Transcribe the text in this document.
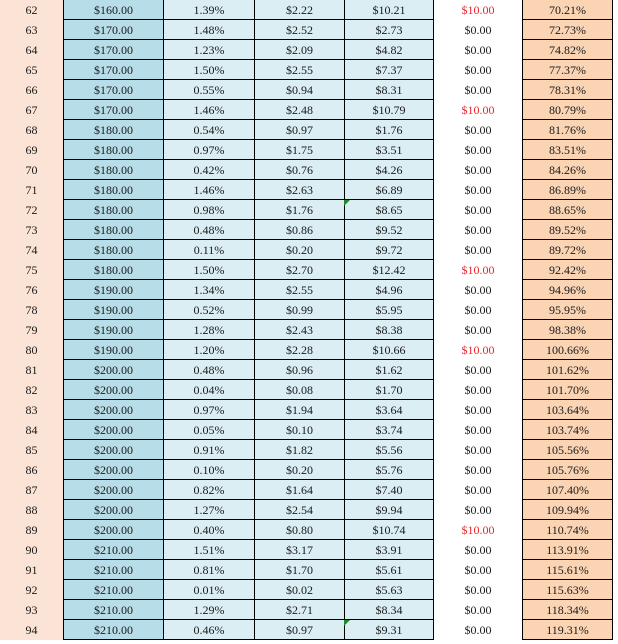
62	$160.00	1.39%	$2.22	$10.21	$10.00	70.21%
63	$170.00	1.48%	$2.52	$2.73	$0.00	72.73%
64	$170.00	1.23%	$2.09	$4.82	$0.00	74.82%
65	$170.00	1.50%	$2.55	$7.37	$0.00	77.37%
66	$170.00	0.55%	$0.94	$8.31	$0.00	78.31%
67	$170.00	1.46%	$2.48	$10.79	$10.00	80.79%
68	$180.00	0.54%	$0.97	$1.76	$0.00	81.76%
69	$180.00	0.97%	$1.75	$3.51	$0.00	83.51%
70	$180.00	0.42%	$0.76	$4.26	$0.00	84.26%
71	$180.00	1.46%	$2.63	$6.89	$0.00	86.89%
72	$180.00	0.98%	$1.76	$8.65	$0.00	88.65%
73	$180.00	0.48%	$0.86	$9.52	$0.00	89.52%
74	$180.00	0.11%	$0.20	$9.72	$0.00	89.72%
75	$180.00	1.50%	$2.70	$12.42	$10.00	92.42%
76	$190.00	1.34%	$2.55	$4.96	$0.00	94.96%
78	$190.00	0.52%	$0.99	$5.95	$0.00	95.95%
79	$190.00	1.28%	$2.43	$8.38	$0.00	98.38%
80	$190.00	1.20%	$2.28	$10.66	$10.00	100.66%
81	$200.00	0.48%	$0.96	$1.62	$0.00	101.62%
82	$200.00	0.04%	$0.08	$1.70	$0.00	101.70%
83	$200.00	0.97%	$1.94	$3.64	$0.00	103.64%
84	$200.00	0.05%	$0.10	$3.74	$0.00	103.74%
85	$200.00	0.91%	$1.82	$5.56	$0.00	105.56%
86	$200.00	0.10%	$0.20	$5.76	$0.00	105.76%
87	$200.00	0.82%	$1.64	$7.40	$0.00	107.40%
88	$200.00	1.27%	$2.54	$9.94	$0.00	109.94%
89	$200.00	0.40%	$0.80	$10.74	$10.00	110.74%
90	$210.00	1.51%	$3.17	$3.91	$0.00	113.91%
91	$210.00	0.81%	$1.70	$5.61	$0.00	115.61%
92	$210.00	0.01%	$0.02	$5.63	$0.00	115.63%
93	$210.00	1.29%	$2.71	$8.34	$0.00	118.34%
94	$210.00	0.46%	$0.97	$9.31	$0.00	119.31%
